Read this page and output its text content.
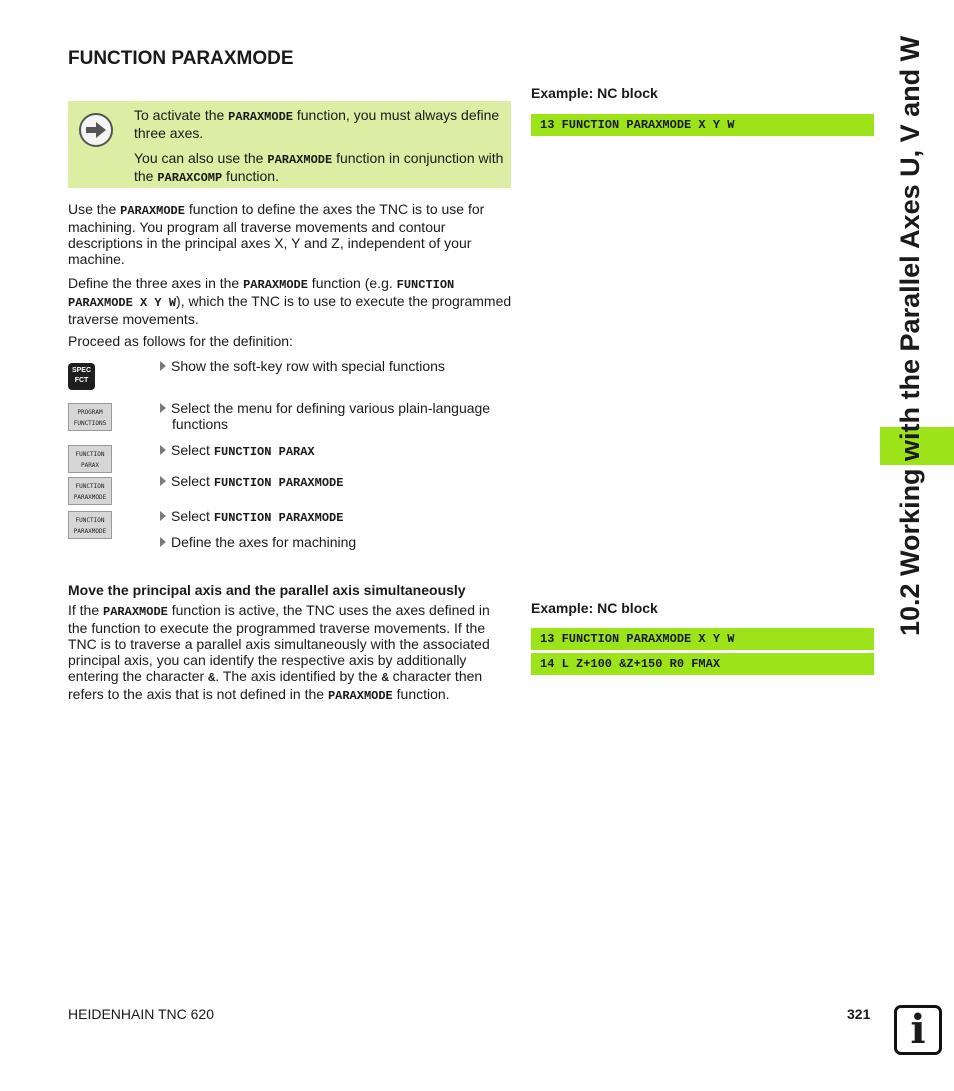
FUNCTION PARAXMODE

To activate the PARAXMODE function, you must always define three axes.

You can also use the PARAXMODE function in conjunction with the PARAXCOMP function.

Use the PARAXMODE function to define the axes the TNC is to use for machining. You program all traverse movements and contour descriptions in the principal axes X, Y and Z, independent of your machine.

Define the three axes in the PARAXMODE function (e.g. FUNCTION PARAXMODE X Y W), which the TNC is to use to execute the programmed traverse movements.

Proceed as follows for the definition:
SPEC
FCT
PROGRAM
FUNCTIONS
FUNCTION
PARAX
FUNCTION
PARAXMODE
FUNCTION
PARAXMODE
Show the soft-key row with special functions
Select the menu for defining various plain-language
functions
Select FUNCTION PARAX
Select FUNCTION PARAXMODE
Select FUNCTION PARAXMODE
Define the axes for machining
Move the principal axis and the parallel axis simultaneously

If the PARAXMODE function is active, the TNC uses the axes defined in the function to execute the programmed traverse movements. If the TNC is to traverse a parallel axis simultaneously with the associated principal axis, you can identify the respective axis by additionally entering the character &. The axis identified by the & character then refers to the axis that is not defined in the PARAXMODE function.

Example: NC block
13 FUNCTION PARAXMODE X Y W
Example: NC block
13 FUNCTION PARAXMODE X Y W
14 L Z+100 &Z+150 R0 FMAX
10.2 Working with the Parallel Axes U, V and W
HEIDENHAIN TNC 620	321	i
